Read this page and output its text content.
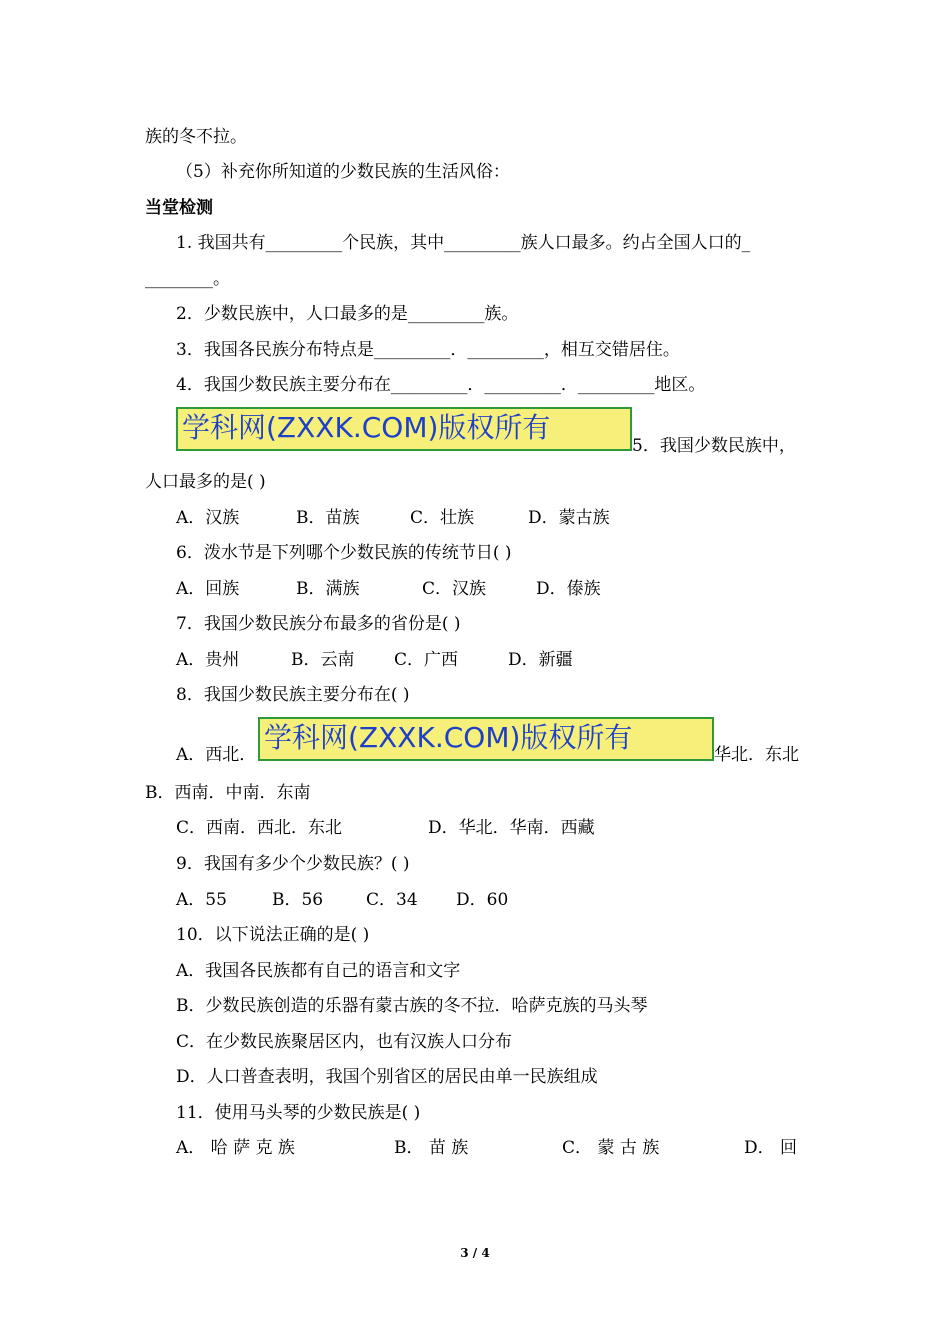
族的冬不拉。
（5）补充你所知道的少数民族的生活风俗：
当堂检测
1. 我国共有_________个民族，其中_________族人口最多。约占全国人口的_
________。
2．少数民族中，人口最多的是_________族。
3．我国各民族分布特点是_________．_________，相互交错居住。
4．我国少数民族主要分布在_________．_________．_________地区。
学科网(ZXXK.COM)版权所有
5．我国少数民族中，
人口最多的是( )
A．汉族	B．苗族	C．壮族	D．蒙古族
6．泼水节是下列哪个少数民族的传统节日( )
A．回族	B．满族	C．汉族	D．傣族
7．我国少数民族分布最多的省份是( )
A．贵州	B．云南 C．广西	D．新疆
8．我国少数民族主要分布在( )
A．西北．
学科网(ZXXK.COM)版权所有
华北．东北
B．西南．中南．东南
C．西南．西北．东北	D．华北．华南．西藏
9．我国有多少个少数民族？( )
A．55	B．56	C．34 D．60
10．以下说法正确的是( )
A．我国各民族都有自己的语言和文字
B．少数民族创造的乐器有蒙古族的冬不拉．哈萨克族的马头琴
C．在少数民族聚居区内，也有汉族人口分布
D．人口普查表明，我国个别省区的居民由单一民族组成
11．使用马头琴的少数民族是( )
A． 哈 萨 克 族	B． 苗 族	C． 蒙 古 族	D． 回
3 / 4
